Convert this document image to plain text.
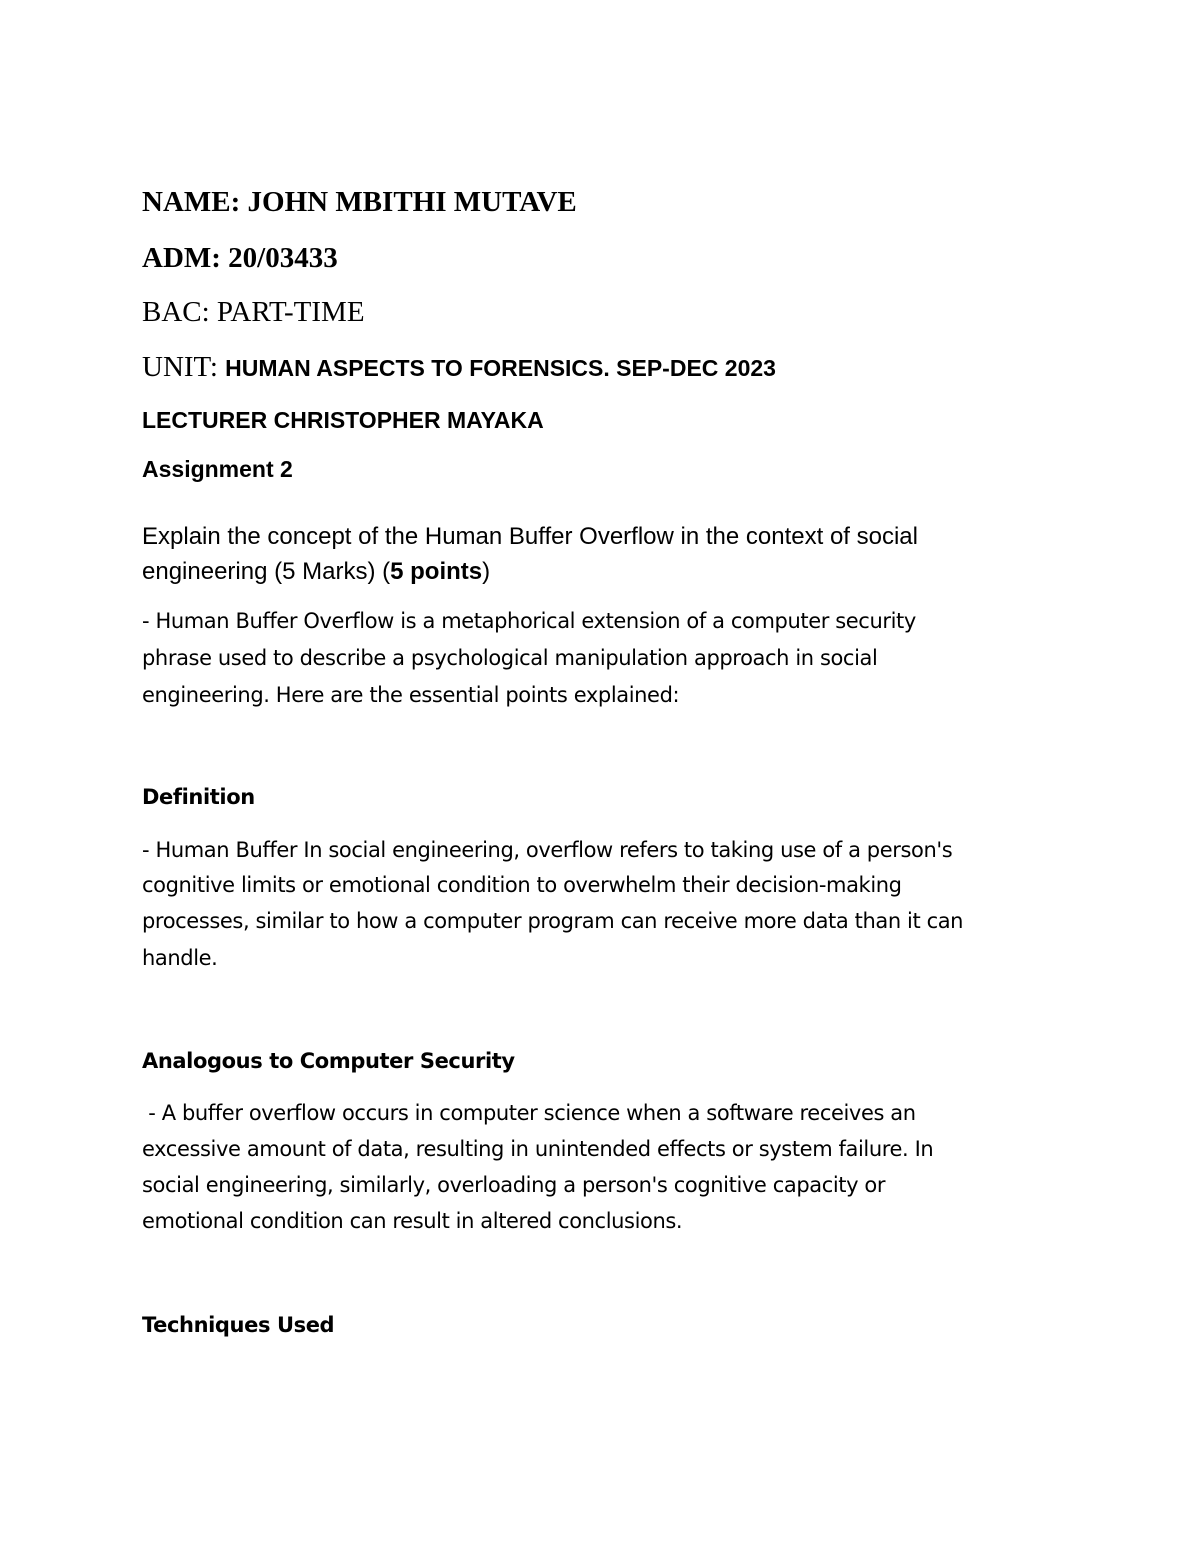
NAME: JOHN MBITHI MUTAVE

ADM: 20/03433

BAC: PART-TIME

UNIT: HUMAN ASPECTS TO FORENSICS. SEP-DEC 2023

LECTURER CHRISTOPHER MAYAKA

Assignment 2

Explain the concept of the Human Buffer Overflow in the context of social

engineering (5 Marks) (5 points)

- Human Buffer Overflow is a metaphorical extension of a computer security

phrase used to describe a psychological manipulation approach in social

engineering. Here are the essential points explained:

Definition

- Human Buffer In social engineering, overflow refers to taking use of a person's

cognitive limits or emotional condition to overwhelm their decision-making

processes, similar to how a computer program can receive more data than it can

handle.

Analogous to Computer Security

- A buffer overflow occurs in computer science when a software receives an

excessive amount of data, resulting in unintended effects or system failure. In

social engineering, similarly, overloading a person's cognitive capacity or

emotional condition can result in altered conclusions.

Techniques Used
